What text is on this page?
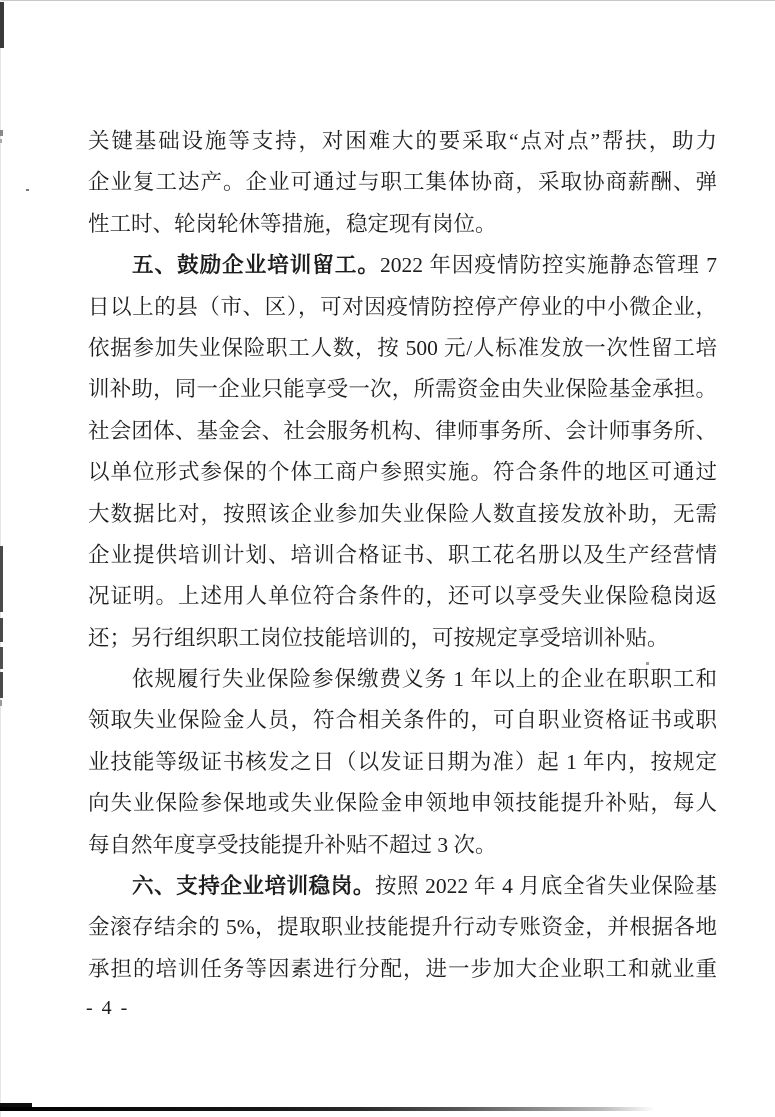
关键基础设施等支持，对困难大的要采取“点对点”帮扶，助力
企业复工达产。企业可通过与职工集体协商，采取协商薪酬、弹
性工时、轮岗轮休等措施，稳定现有岗位。
五、鼓励企业培训留工。2022 年因疫情防控实施静态管理 7
日以上的县（市、区），可对因疫情防控停产停业的中小微企业，
依据参加失业保险职工人数，按 500 元/人标准发放一次性留工培
训补助，同一企业只能享受一次，所需资金由失业保险基金承担。
社会团体、基金会、社会服务机构、律师事务所、会计师事务所、
以单位形式参保的个体工商户参照实施。符合条件的地区可通过
大数据比对，按照该企业参加失业保险人数直接发放补助，无需
企业提供培训计划、培训合格证书、职工花名册以及生产经营情
况证明。上述用人单位符合条件的，还可以享受失业保险稳岗返
还；另行组织职工岗位技能培训的，可按规定享受培训补贴。
依规履行失业保险参保缴费义务 1 年以上的企业在职职工和
领取失业保险金人员，符合相关条件的，可自职业资格证书或职
业技能等级证书核发之日（以发证日期为准）起 1 年内，按规定
向失业保险参保地或失业保险金申领地申领技能提升补贴，每人
每自然年度享受技能提升补贴不超过 3 次。
六、支持企业培训稳岗。按照 2022 年 4 月底全省失业保险基
金滚存结余的 5%，提取职业技能提升行动专账资金，并根据各地
承担的培训任务等因素进行分配，进一步加大企业职工和就业重
- 4 -
